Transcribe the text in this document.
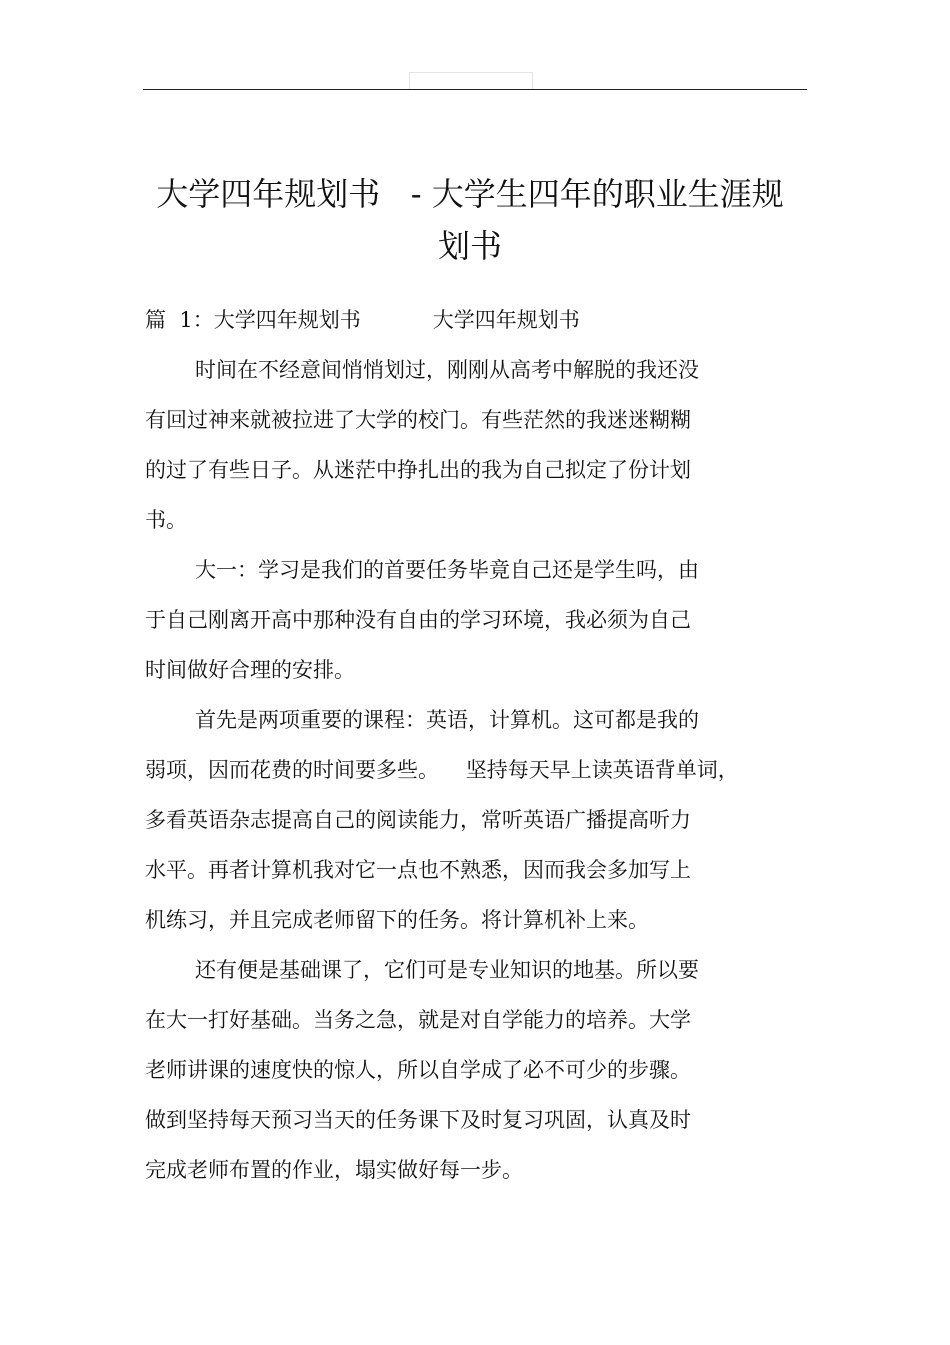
大学四年规划书   - 大学生四年的职业生涯规
划书
篇  1：大学四年规划书	大学四年规划书
时间在不经意间悄悄划过，刚刚从高考中解脱的我还没
有回过神来就被拉进了大学的校门。有些茫然的我迷迷糊糊
的过了有些日子。从迷茫中挣扎出的我为自己拟定了份计划
书。
大一：学习是我们的首要任务毕竟自己还是学生吗，由
于自己刚离开高中那种没有自由的学习环境，我必须为自己
时间做好合理的安排。
首先是两项重要的课程：英语，计算机。这可都是我的
弱项，因而花费的时间要多些。    坚持每天早上读英语背单词，
多看英语杂志提高自己的阅读能力，常听英语广播提高听力
水平。再者计算机我对它一点也不熟悉，因而我会多加写上
机练习，并且完成老师留下的任务。将计算机补上来。
还有便是基础课了，它们可是专业知识的地基。所以要
在大一打好基础。当务之急，就是对自学能力的培养。大学
老师讲课的速度快的惊人，所以自学成了必不可少的步骤。
做到坚持每天预习当天的任务课下及时复习巩固，认真及时
完成老师布置的作业，塌实做好每一步。
